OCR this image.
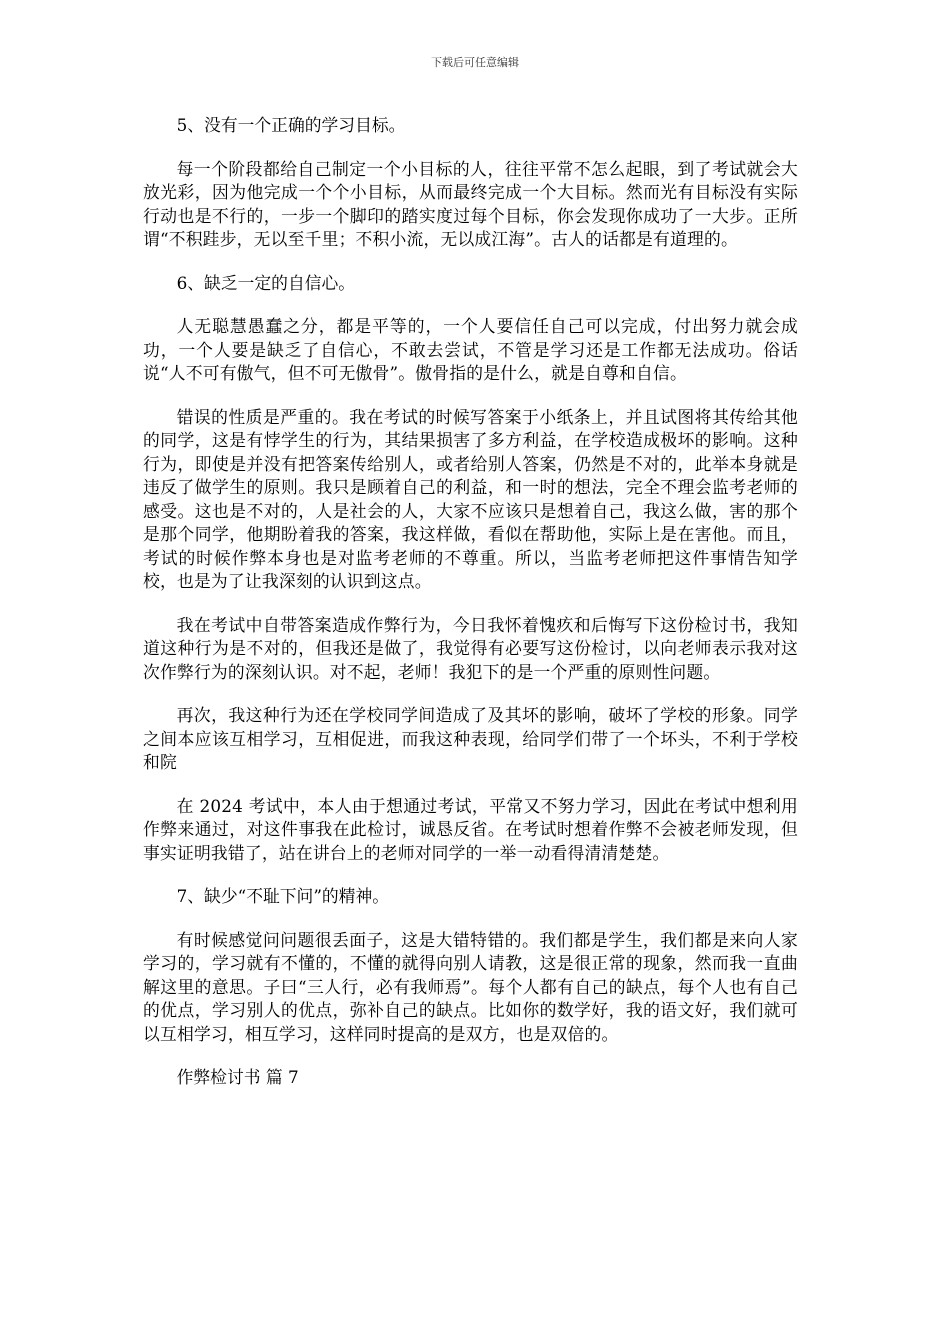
下载后可任意编辑

5、没有一个正确的学习目标。

每一个阶段都给自己制定一个小目标的人，往往平常不怎么起眼，到了考试就会大放光彩，因为他完成一个个小目标，从而最终完成一个大目标。然而光有目标没有实际行动也是不行的，一步一个脚印的踏实度过每个目标，你会发现你成功了一大步。正所谓“不积跬步，无以至千里；不积小流，无以成江海”。古人的话都是有道理的。

6、缺乏一定的自信心。

人无聪慧愚蠢之分，都是平等的，一个人要信任自己可以完成，付出努力就会成功，一个人要是缺乏了自信心，不敢去尝试，不管是学习还是工作都无法成功。俗话说“人不可有傲气，但不可无傲骨”。傲骨指的是什么，就是自尊和自信。

错误的性质是严重的。我在考试的时候写答案于小纸条上，并且试图将其传给其他的同学，这是有悖学生的行为，其结果损害了多方利益，在学校造成极坏的影响。这种行为，即使是并没有把答案传给别人，或者给别人答案，仍然是不对的，此举本身就是违反了做学生的原则。我只是顾着自己的利益，和一时的想法，完全不理会监考老师的感受。这也是不对的，人是社会的人，大家不应该只是想着自己，我这么做，害的那个是那个同学，他期盼着我的答案，我这样做，看似在帮助他，实际上是在害他。而且，考试的时候作弊本身也是对监考老师的不尊重。所以，当监考老师把这件事情告知学校，也是为了让我深刻的认识到这点。

我在考试中自带答案造成作弊行为，今日我怀着愧疚和后悔写下这份检讨书，我知道这种行为是不对的，但我还是做了，我觉得有必要写这份检讨，以向老师表示我对这次作弊行为的深刻认识。对不起，老师！我犯下的是一个严重的原则性问题。

再次，我这种行为还在学校同学间造成了及其坏的影响，破坏了学校的形象。同学之间本应该互相学习，互相促进，而我这种表现，给同学们带了一个坏头，不利于学校和院

在 2024 考试中，本人由于想通过考试，平常又不努力学习，因此在考试中想利用作弊来通过，对这件事我在此检讨，诚恳反省。在考试时想着作弊不会被老师发现，但事实证明我错了，站在讲台上的老师对同学的一举一动看得清清楚楚。

7、缺少“不耻下问”的精神。

有时候感觉问问题很丢面子，这是大错特错的。我们都是学生，我们都是来向人家学习的，学习就有不懂的，不懂的就得向别人请教，这是很正常的现象，然而我一直曲解这里的意思。子曰“三人行，必有我师焉”。每个人都有自己的缺点，每个人也有自己的优点，学习别人的优点，弥补自己的缺点。比如你的数学好，我的语文好，我们就可以互相学习，相互学习，这样同时提高的是双方，也是双倍的。

作弊检讨书 篇 7
